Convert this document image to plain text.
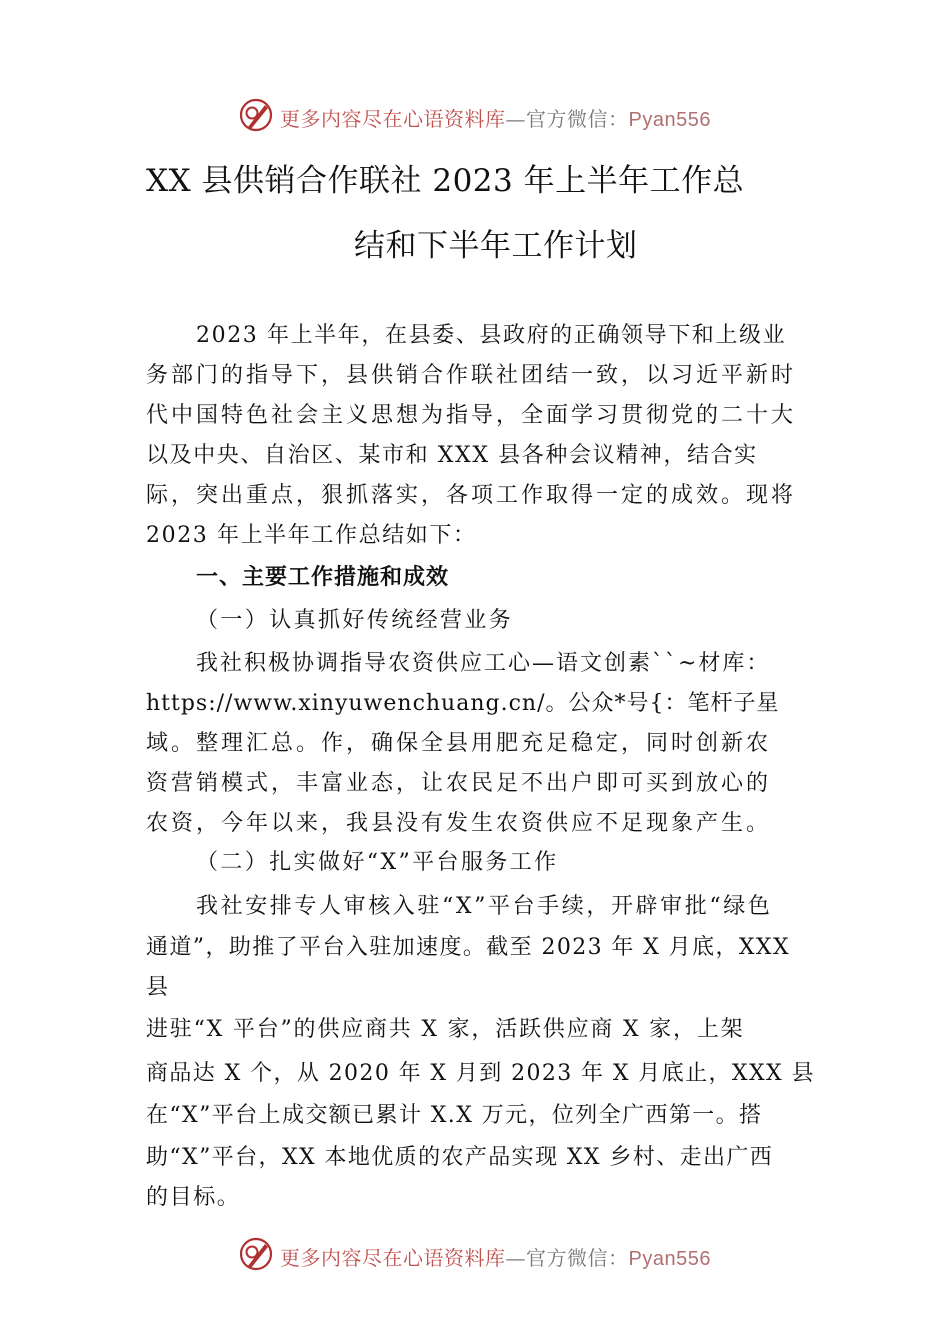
更多内容尽在心语资料库—官方微信：Pyan556
XX 县供销合作联社 2023 年上半年工作总
结和下半年工作计划
2023 年上半年，在县委、县政府的正确领导下和上级业
务部门的指导下，县供销合作联社团结一致，以习近平新时
代中国特色社会主义思想为指导，全面学习贯彻党的二十大
以及中央、自治区、某市和 XXX 县各种会议精神，结合实
际，突出重点，狠抓落实，各项工作取得一定的成效。现将
2023 年上半年工作总结如下：
一、主要工作措施和成效
（一）认真抓好传统经营业务
我社积极协调指导农资供应工心—语文创素``~材库：
https://www.xinyuwenchuang.cn/。公众*号{：笔杆子星
域。整理汇总。作，确保全县用肥充足稳定，同时创新农
资营销模式，丰富业态，让农民足不出户即可买到放心的
农资，今年以来，我县没有发生农资供应不足现象产生。
（二）扎实做好“X”平台服务工作
我社安排专人审核入驻“X”平台手续，开辟审批“绿色
通道”，助推了平台入驻加速度。截至 2023 年 X 月底，XXX
县
进驻“X 平台”的供应商共 X 家，活跃供应商 X 家，上架
商品达 X 个，从 2020 年 X 月到 2023 年 X 月底止，XXX 县
在“X”平台上成交额已累计 X.X 万元，位列全广西第一。搭
助“X”平台，XX 本地优质的农产品实现 XX 乡村、走出广西
的目标。
更多内容尽在心语资料库—官方微信：Pyan556
